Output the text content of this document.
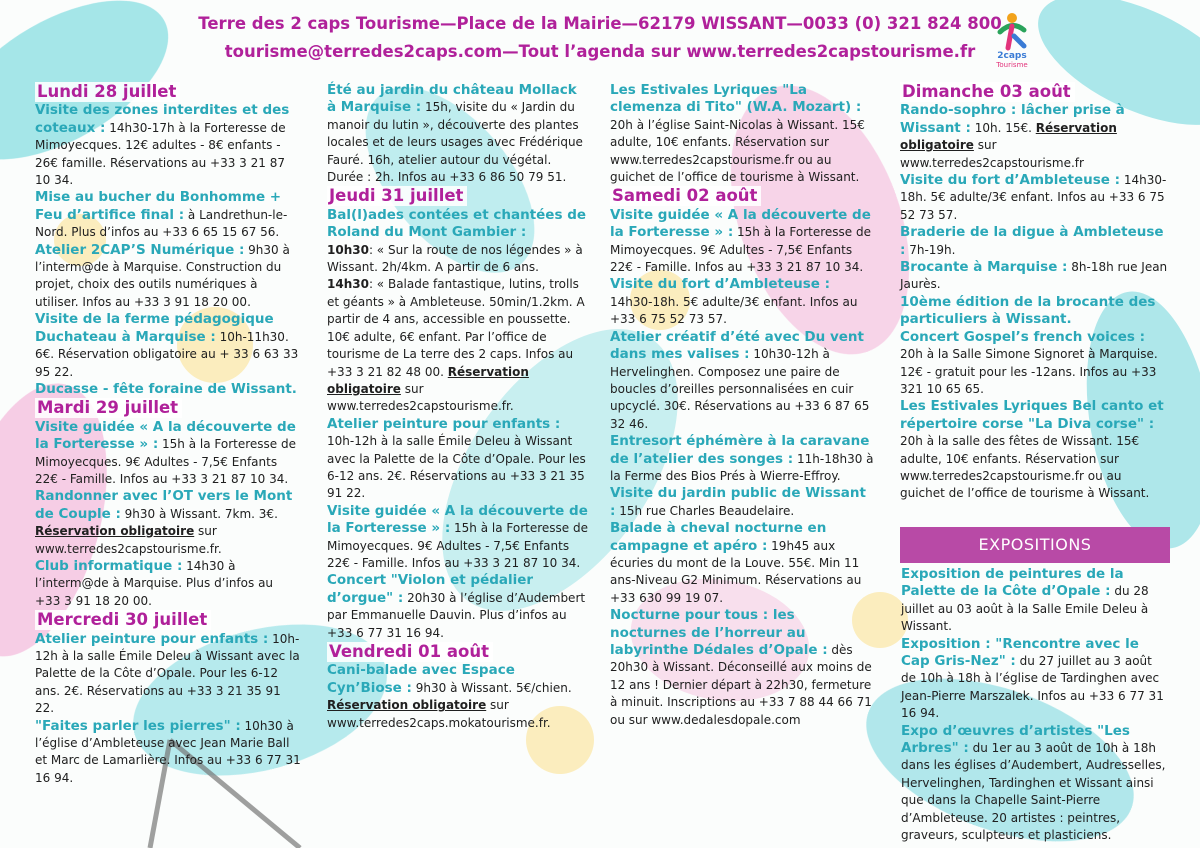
Terre des 2 caps Tourisme—Place de la Mairie—62179 WISSANT—0033 (0) 321 824 800
tourisme@terredes2caps.com—Tout l’agenda sur www.terredes2capstourisme.fr	2caps
Tourisme

Lundi 28 juillet

Visite des zones interdites et des coteaux : 14h30-17h à la Forteresse de Mimoyecques. 12€ adultes - 8€ enfants - 26€ famille. Réservations au +33 3 21 87 10 34.

Mise au bucher du Bonhomme + Feu d’artifice final : à Landrethun-le-Nord. Plus d’infos au +33 6 65 15 67 56.

Atelier 2CAP’S Numérique : 9h30 à l’interm@de à Marquise. Construction du projet, choix des outils numériques à utiliser. Infos au +33 3 91 18 20 00.

Visite de la ferme pédagogique Duchateau à Marquise : 10h-11h30. 6€. Réservation obligatoire au + 33 6 63 33 95 22.

Ducasse - fête foraine de Wissant.

Mardi 29 juillet

Visite guidée « A la découverte de la Forteresse » : 15h à la Forteresse de Mimoyecques. 9€ Adultes - 7,5€ Enfants 22€ - Famille. Infos au +33 3 21 87 10 34.

Randonner avec l’OT vers le Mont de Couple : 9h30 à Wissant. 7km. 3€. Réservation obligatoire sur www.terredes2capstourisme.fr.

Club informatique : 14h30 à l’interm@de à Marquise. Plus d’infos au +33 3 91 18 20 00.

Mercredi 30 juillet

Atelier peinture pour enfants : 10h-12h à la salle Émile Deleu à Wissant avec la Palette de la Côte d’Opale. Pour les 6-12 ans. 2€. Réservations au +33 3 21 35 91 22.

"Faites parler les pierres" : 10h30 à l’église d’Ambleteuse avec Jean Marie Ball et Marc de Lamarlière. Infos au +33 6 77 31 16 94.

Été au jardin du château Mollack à Marquise : 15h, visite du « Jardin du manoir du lutin », découverte des plantes locales et de leurs usages avec Frédérique Fauré. 16h, atelier autour du végétal. Durée : 2h. Infos au +33 6 86 50 79 51.

Jeudi 31 juillet

Bal(l)ades contées et chantées de Roland du Mont Gambier :

10h30: « Sur la route de nos légendes » à Wissant. 2h/4km. A partir de 6 ans.

14h30: « Balade fantastique, lutins, trolls et géants » à Ambleteuse. 50min/1.2km. A partir de 4 ans, accessible en poussette. 10€ adulte, 6€ enfant. Par l’office de tourisme de La terre des 2 caps. Infos au +33 3 21 82 48 00. Réservation obligatoire sur www.terredes2capstourisme.fr.

Atelier peinture pour enfants : 10h-12h à la salle Émile Deleu à Wissant avec la Palette de la Côte d’Opale. Pour les 6-12 ans. 2€. Réservations au +33 3 21 35 91 22.

Visite guidée « A la découverte de la Forteresse » : 15h à la Forteresse de Mimoyecques. 9€ Adultes - 7,5€ Enfants 22€ - Famille. Infos au +33 3 21 87 10 34.

Concert "Violon et pédalier d’orgue" : 20h30 à l’église d’Audembert par Emmanuelle Dauvin. Plus d’infos au +33 6 77 31 16 94.

Vendredi 01 août

Cani-balade avec Espace Cyn’Biose : 9h30 à Wissant. 5€/chien. Réservation obligatoire sur www.terredes2caps.mokatourisme.fr.

Les Estivales Lyriques "La clemenza di Tito" (W.A. Mozart) : 20h à l’église Saint-Nicolas à Wissant. 15€ adulte, 10€ enfants. Réservation sur www.terredes2capstourisme.fr ou au guichet de l’office de tourisme à Wissant.

Samedi 02 août

Visite guidée « A la découverte de la Forteresse » : 15h à la Forteresse de Mimoyecques. 9€ Adultes - 7,5€ Enfants 22€ - Famille. Infos au +33 3 21 87 10 34.

Visite du fort d’Ambleteuse : 14h30-18h. 5€ adulte/3€ enfant. Infos au +33 6 75 52 73 57.

Atelier créatif d’été avec Du vent dans mes valises : 10h30-12h à Hervelinghen. Composez une paire de boucles d’oreilles personnalisées en cuir upcyclé. 30€. Réservations au +33 6 87 65 32 46.

Entresort éphémère à la caravane de l’atelier des songes : 11h-18h30 à la Ferme des Bios Prés à Wierre-Effroy.

Visite du jardin public de Wissant : 15h rue Charles Beaudelaire.

Balade à cheval nocturne en campagne et apéro : 19h45 aux écuries du mont de la Louve. 55€. Min 11 ans-Niveau G2 Minimum. Réservations au +33 630 99 19 07.

Nocturne pour tous : les nocturnes de l’horreur au labyrinthe Dédales d’Opale : dès 20h30 à Wissant. Déconseillé aux moins de 12 ans ! Dernier départ à 22h30, fermeture à minuit. Inscriptions au +33 7 88 44 66 71 ou sur www.dedalesdopale.com

Dimanche 03 août

Rando-sophro : lâcher prise à Wissant : 10h. 15€. Réservation obligatoire sur www.terredes2capstourisme.fr

Visite du fort d’Ambleteuse : 14h30-18h. 5€ adulte/3€ enfant. Infos au +33 6 75 52 73 57.

Braderie de la digue à Ambleteuse : 7h-19h.

Brocante à Marquise : 8h-18h rue Jean Jaurès.

10ème édition de la brocante des particuliers à Wissant.

Concert Gospel’s french voices : 20h à la Salle Simone Signoret à Marquise. 12€ - gratuit pour les -12ans. Infos au +33 321 10 65 65.

Les Estivales Lyriques Bel canto et répertoire corse "La Diva corse" : 20h à la salle des fêtes de Wissant. 15€ adulte, 10€ enfants. Réservation sur www.terredes2capstourisme.fr ou au guichet de l’office de tourisme à Wissant.

Exposition de peintures de la Palette de la Côte d’Opale : du 28 juillet au 03 août à la Salle Emile Deleu à Wissant.

Exposition : "Rencontre avec le Cap Gris-Nez" : du 27 juillet au 3 août de 10h à 18h à l’église de Tardinghen avec Jean-Pierre Marszalek. Infos au +33 6 77 31 16 94.

Expo d’œuvres d’artistes "Les Arbres" : du 1er au 3 août de 10h à 18h dans les églises d’Audembert, Audresselles, Hervelinghen, Tardinghen et Wissant ainsi que dans la Chapelle Saint-Pierre d’Ambleteuse. 20 artistes : peintres, graveurs, sculpteurs et plasticiens.

EXPOSITIONS
